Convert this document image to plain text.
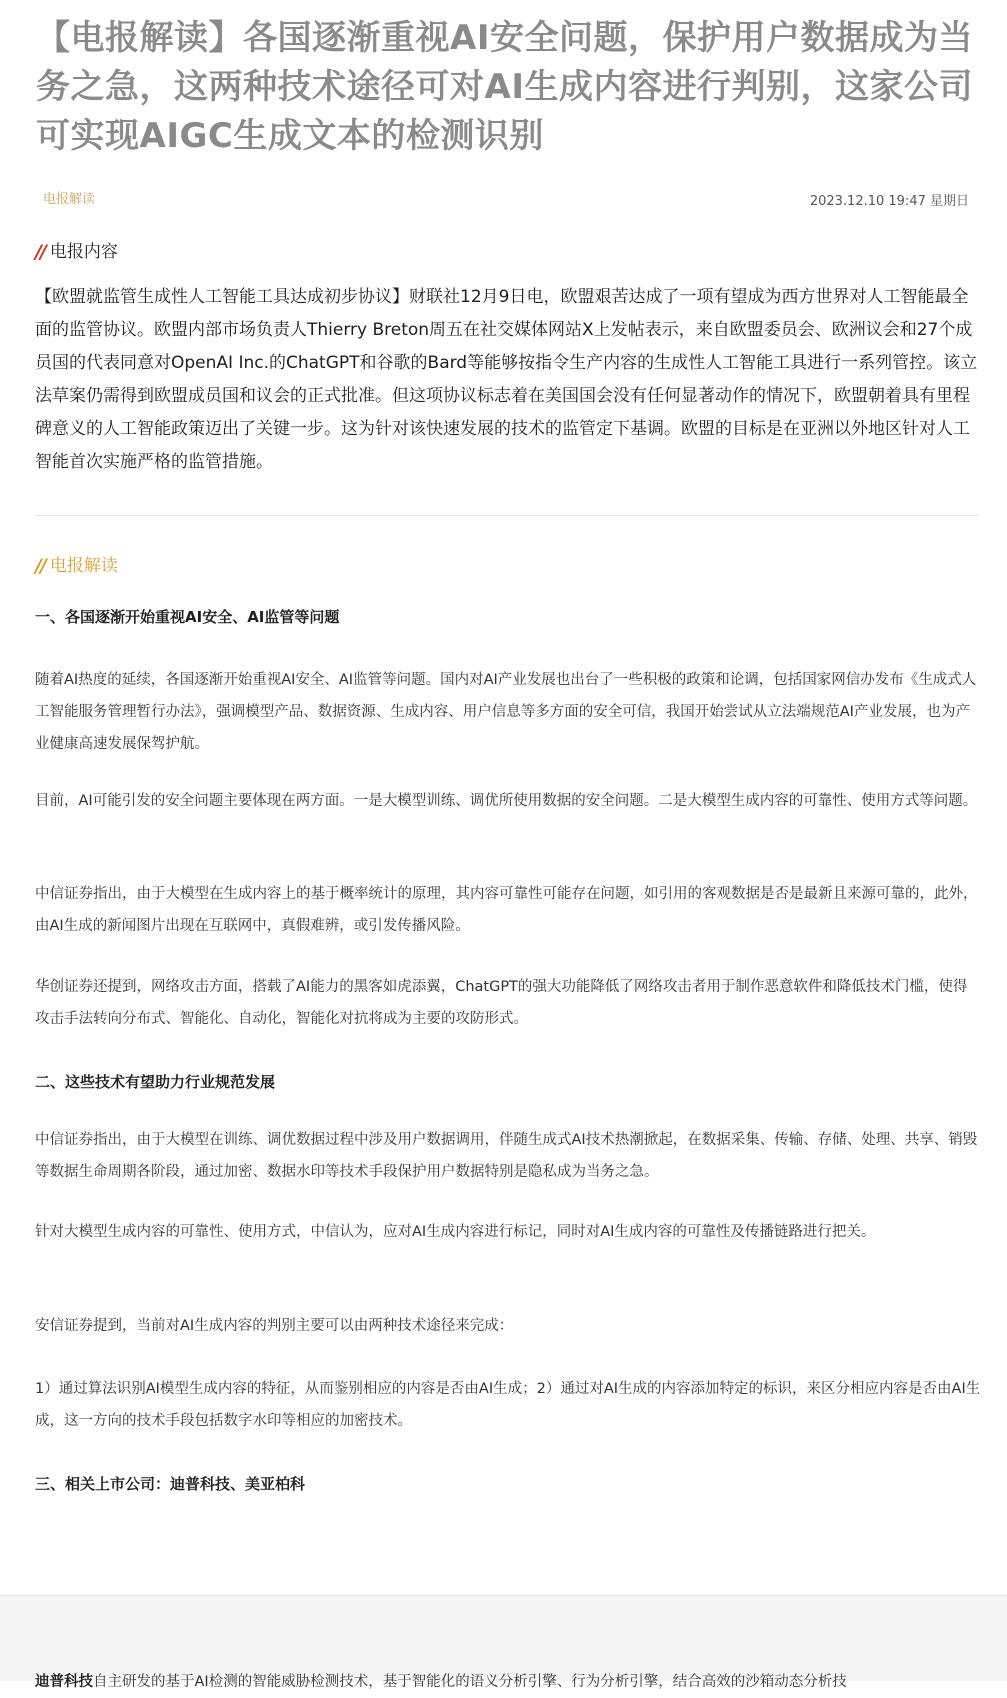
【电报解读】各国逐渐重视AI安全问题，保护用户数据成为当务之急，这两种技术途径可对AI生成内容进行判别，这家公司可实现AIGC生成文本的检测识别
电报解读	2023.12.10 19:47 星期日
// 电报内容

【欧盟就监管生成性人工智能工具达成初步协议】财联社12月9日电，欧盟艰苦达成了一项有望成为西方世界对人工智能最全面的监管协议。欧盟内部市场负责人Thierry Breton周五在社交媒体网站X上发帖表示，来自欧盟委员会、欧洲议会和27个成员国的代表同意对OpenAI Inc.的ChatGPT和谷歌的Bard等能够按指令生产内容的生成性人工智能工具进行一系列管控。该立法草案仍需得到欧盟成员国和议会的正式批准。但这项协议标志着在美国国会没有任何显著动作的情况下，欧盟朝着具有里程碑意义的人工智能政策迈出了关键一步。这为针对该快速发展的技术的监管定下基调。欧盟的目标是在亚洲以外地区针对人工智能首次实施严格的监管措施。

// 电报解读
一、各国逐渐开始重视AI安全、AI监管等问题

随着AI热度的延续，各国逐渐开始重视AI安全、AI监管等问题。国内对AI产业发展也出台了一些积极的政策和论调，包括国家网信办发布《生成式人工智能服务管理暂行办法》，强调模型产品、数据资源、生成内容、用户信息等多方面的安全可信，我国开始尝试从立法端规范AI产业发展，也为产业健康高速发展保驾护航。

目前，AI可能引发的安全问题主要体现在两方面。一是大模型训练、调优所使用数据的安全问题。二是大模型生成内容的可靠性、使用方式等问题。

中信证券指出，由于大模型在生成内容上的基于概率统计的原理，其内容可靠性可能存在问题，如引用的客观数据是否是最新且来源可靠的，此外，由AI生成的新闻图片出现在互联网中，真假难辨，或引发传播风险。

华创证券还提到，网络攻击方面，搭载了AI能力的黑客如虎添翼，ChatGPT的强大功能降低了网络攻击者用于制作恶意软件和降低技术门槛，使得攻击手法转向分布式、智能化、自动化，智能化对抗将成为主要的攻防形式。

二、这些技术有望助力行业规范发展

中信证券指出，由于大模型在训练、调优数据过程中涉及用户数据调用，伴随生成式AI技术热潮掀起，在数据采集、传输、存储、处理、共享、销毁等数据生命周期各阶段，通过加密、数据水印等技术手段保护用户数据特别是隐私成为当务之急。

针对大模型生成内容的可靠性、使用方式，中信认为，应对AI生成内容进行标记，同时对AI生成内容的可靠性及传播链路进行把关。

安信证券提到，当前对AI生成内容的判别主要可以由两种技术途径来完成：

1）通过算法识别AI模型生成内容的特征，从而鉴别相应的内容是否由AI生成；2）通过对AI生成的内容添加特定的标识，来区分相应内容是否由AI生成，这一方向的技术手段包括数字水印等相应的加密技术。

三、相关上市公司：迪普科技、美亚柏科
迪普科技自主研发的基于AI检测的智能威胁检测技术，基于智能化的语义分析引擎、行为分析引擎，结合高效的沙箱动态分析技
